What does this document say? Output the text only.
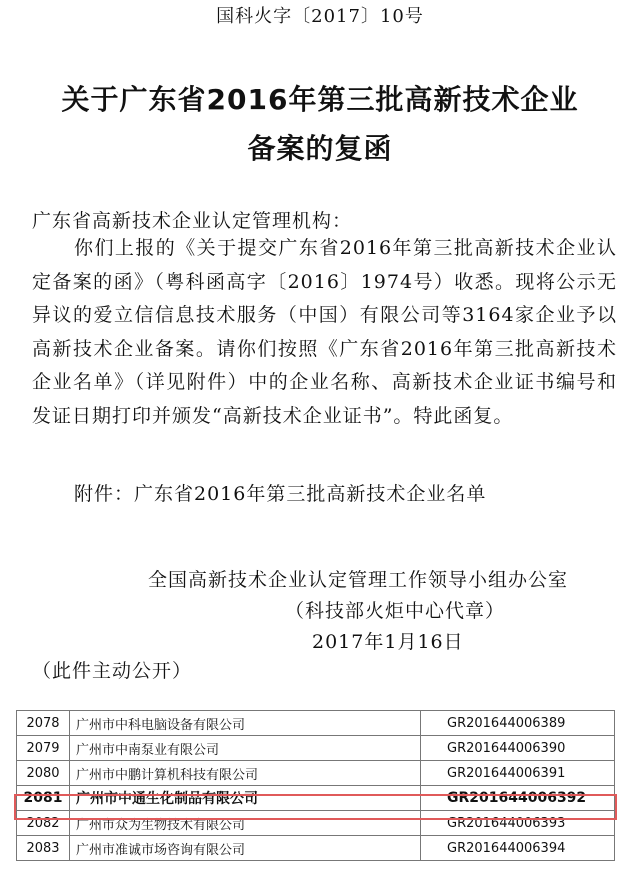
国科火字〔2017〕10号
关于广东省2016年第三批高新技术企业
备案的复函
广东省高新技术企业认定管理机构：

你们上报的《关于提交广东省2016年第三批高新技术企业认定备案的函》（粤科函高字〔2016〕1974号）收悉。现将公示无异议的爱立信信息技术服务（中国）有限公司等3164家企业予以高新技术企业备案。请你们按照《广东省2016年第三批高新技术企业名单》（详见附件）中的企业名称、高新技术企业证书编号和发证日期打印并颁发“高新技术企业证书”。特此函复。

附件：广东省2016年第三批高新技术企业名单
全国高新技术企业认定管理工作领导小组办公室
（科技部火炬中心代章）
2017年1月16日
（此件主动公开）
2078	广州市中科电脑设备有限公司	GR201644006389
2079	广州市中南泵业有限公司	GR201644006390
2080	广州市中鹏计算机科技有限公司	GR201644006391
2081	广州市中通生化制品有限公司	GR201644006392
2082	广州市众为生物技术有限公司	GR201644006393
2083	广州市准诚市场咨询有限公司	GR201644006394
